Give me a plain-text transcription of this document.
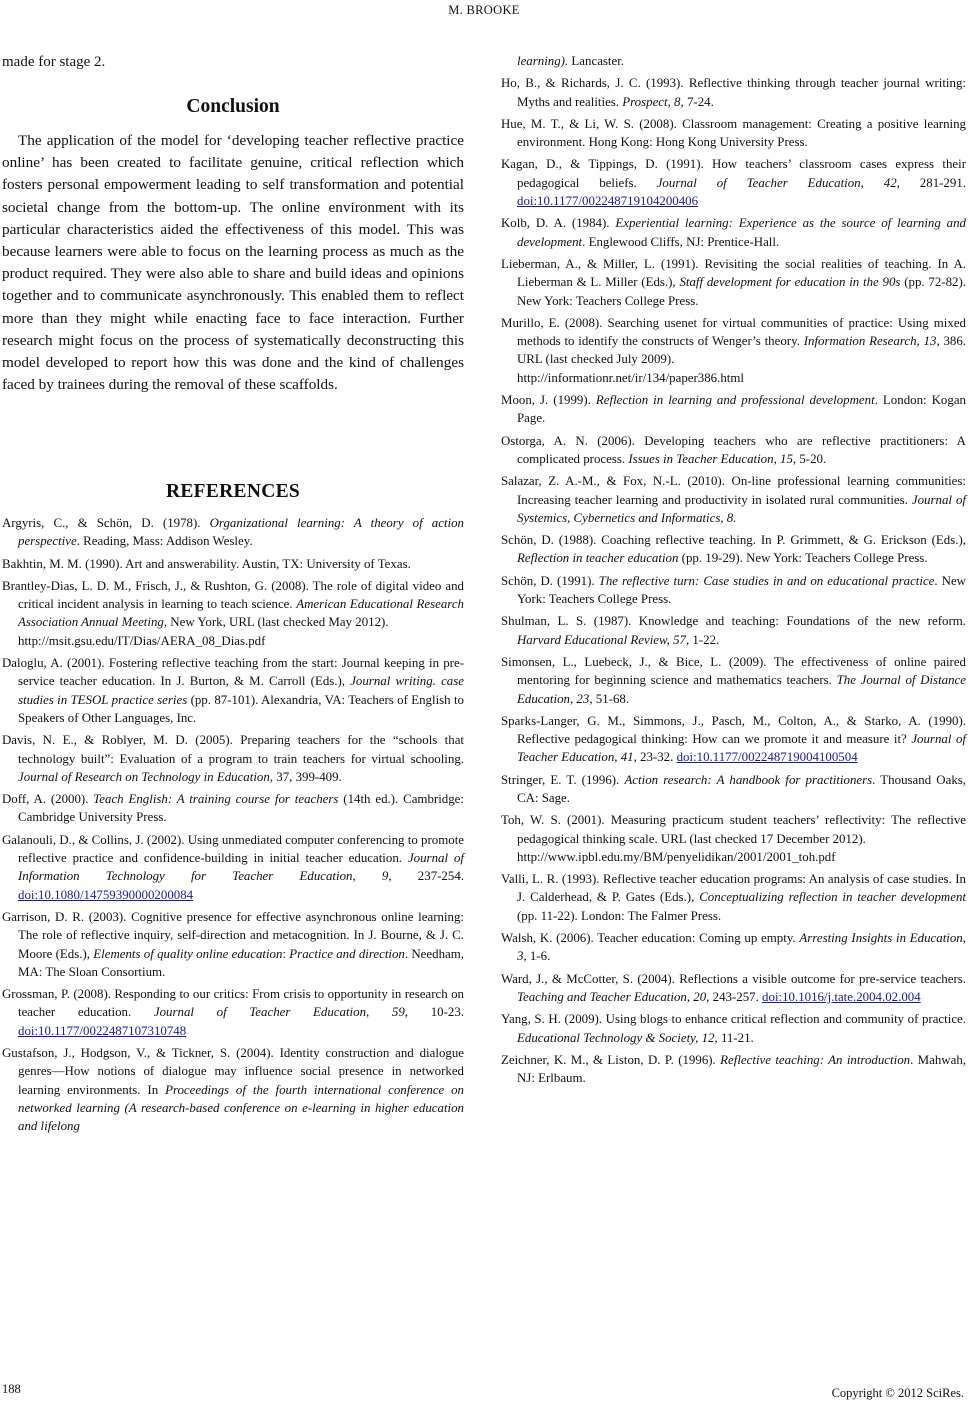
M. BROOKE

made for stage 2.

Conclusion

The application of the model for ‘developing teacher reflective practice online’ has been created to facilitate genuine, critical reflection which fosters personal empowerment leading to self transformation and potential societal change from the bottom-up. The online environment with its particular characteristics aided the effectiveness of this model. This was because learners were able to focus on the learning process as much as the product required. They were also able to share and build ideas and opinions together and to communicate asynchronously. This enabled them to reflect more than they might while enacting face to face interaction. Further research might focus on the process of systematically deconstructing this model developed to report how this was done and the kind of challenges faced by trainees during the removal of these scaffolds.

REFERENCES
Argyris, C., & Schön, D. (1978). Organizational learning: A theory of action perspective. Reading, Mass: Addison Wesley.
Bakhtin, M. M. (1990). Art and answerability. Austin, TX: University of Texas.
Brantley-Dias, L. D. M., Frisch, J., & Rushton, G. (2008). The role of digital video and critical incident analysis in learning to teach science. American Educational Research Association Annual Meeting, New York, URL (last checked May 2012).
http://msit.gsu.edu/IT/Dias/AERA_08_Dias.pdf
Daloglu, A. (2001). Fostering reflective teaching from the start: Journal keeping in pre-service teacher education. In J. Burton, & M. Carroll (Eds.), Journal writing. case studies in TESOL practice series (pp. 87-101). Alexandria, VA: Teachers of English to Speakers of Other Languages, Inc.
Davis, N. E., & Roblyer, M. D. (2005). Preparing teachers for the “schools that technology built”: Evaluation of a program to train teachers for virtual schooling. Journal of Research on Technology in Education, 37, 399-409.
Doff, A. (2000). Teach English: A training course for teachers (14th ed.). Cambridge: Cambridge University Press.
Galanouli, D., & Collins, J. (2002). Using unmediated computer conferencing to promote reflective practice and confidence-building in initial teacher education. Journal of Information Technology for Teacher Education, 9, 237-254. doi:10.1080/14759390000200084
Garrison, D. R. (2003). Cognitive presence for effective asynchronous online learning: The role of reflective inquiry, self-direction and metacognition. In J. Bourne, & J. C. Moore (Eds.), Elements of quality online education: Practice and direction. Needham, MA: The Sloan Consortium.
Grossman, P. (2008). Responding to our critics: From crisis to opportunity in research on teacher education. Journal of Teacher Education, 59, 10-23. doi:10.1177/0022487107310748
Gustafson, J., Hodgson, V., & Tickner, S. (2004). Identity construction and dialogue genres—How notions of dialogue may influence social presence in networked learning environments. In Proceedings of the fourth international conference on networked learning (A research-based conference on e-learning in higher education and lifelong
learning). Lancaster.
Ho, B., & Richards, J. C. (1993). Reflective thinking through teacher journal writing: Myths and realities. Prospect, 8, 7-24.
Hue, M. T., & Li, W. S. (2008). Classroom management: Creating a positive learning environment. Hong Kong: Hong Kong University Press.
Kagan, D., & Tippings, D. (1991). How teachers’ classroom cases express their pedagogical beliefs. Journal of Teacher Education, 42, 281-291. doi:10.1177/002248719104200406
Kolb, D. A. (1984). Experiential learning: Experience as the source of learning and development. Englewood Cliffs, NJ: Prentice-Hall.
Lieberman, A., & Miller, L. (1991). Revisiting the social realities of teaching. In A. Lieberman & L. Miller (Eds.), Staff development for education in the 90s (pp. 72-82). New York: Teachers College Press.
Murillo, E. (2008). Searching usenet for virtual communities of practice: Using mixed methods to identify the constructs of Wenger’s theory. Information Research, 13, 386. URL (last checked July 2009).
http://informationr.net/ir/134/paper386.html
Moon, J. (1999). Reflection in learning and professional development. London: Kogan Page.
Ostorga, A. N. (2006). Developing teachers who are reflective practitioners: A complicated process. Issues in Teacher Education, 15, 5-20.
Salazar, Z. A.-M., & Fox, N.-L. (2010). On-line professional learning communities: Increasing teacher learning and productivity in isolated rural communities. Journal of Systemics, Cybernetics and Informatics, 8.
Schön, D. (1988). Coaching reflective teaching. In P. Grimmett, & G. Erickson (Eds.), Reflection in teacher education (pp. 19-29). New York: Teachers College Press.
Schön, D. (1991). The reflective turn: Case studies in and on educational practice. New York: Teachers College Press.
Shulman, L. S. (1987). Knowledge and teaching: Foundations of the new reform. Harvard Educational Review, 57, 1-22.
Simonsen, L., Luebeck, J., & Bice, L. (2009). The effectiveness of online paired mentoring for beginning science and mathematics teachers. The Journal of Distance Education, 23, 51-68.
Sparks-Langer, G. M., Simmons, J., Pasch, M., Colton, A., & Starko, A. (1990). Reflective pedagogical thinking: How can we promote it and measure it? Journal of Teacher Education, 41, 23-32. doi:10.1177/002248719004100504
Stringer, E. T. (1996). Action research: A handbook for practitioners. Thousand Oaks, CA: Sage.
Toh, W. S. (2001). Measuring practicum student teachers’ reflectivity: The reflective pedagogical thinking scale. URL (last checked 17 December 2012).
http://www.ipbl.edu.my/BM/penyelidikan/2001/2001_toh.pdf
Valli, L. R. (1993). Reflective teacher education programs: An analysis of case studies. In J. Calderhead, & P. Gates (Eds.), Conceptualizing reflection in teacher development (pp. 11-22). London: The Falmer Press.
Walsh, K. (2006). Teacher education: Coming up empty. Arresting Insights in Education, 3, 1-6.
Ward, J., & McCotter, S. (2004). Reflections a visible outcome for pre-service teachers. Teaching and Teacher Education, 20, 243-257. doi:10.1016/j.tate.2004.02.004
Yang, S. H. (2009). Using blogs to enhance critical reflection and community of practice. Educational Technology & Society, 12, 11-21.
Zeichner, K. M., & Liston, D. P. (1996). Reflective teaching: An introduction. Mahwah, NJ: Erlbaum.
188	Copyright © 2012 SciRes.
